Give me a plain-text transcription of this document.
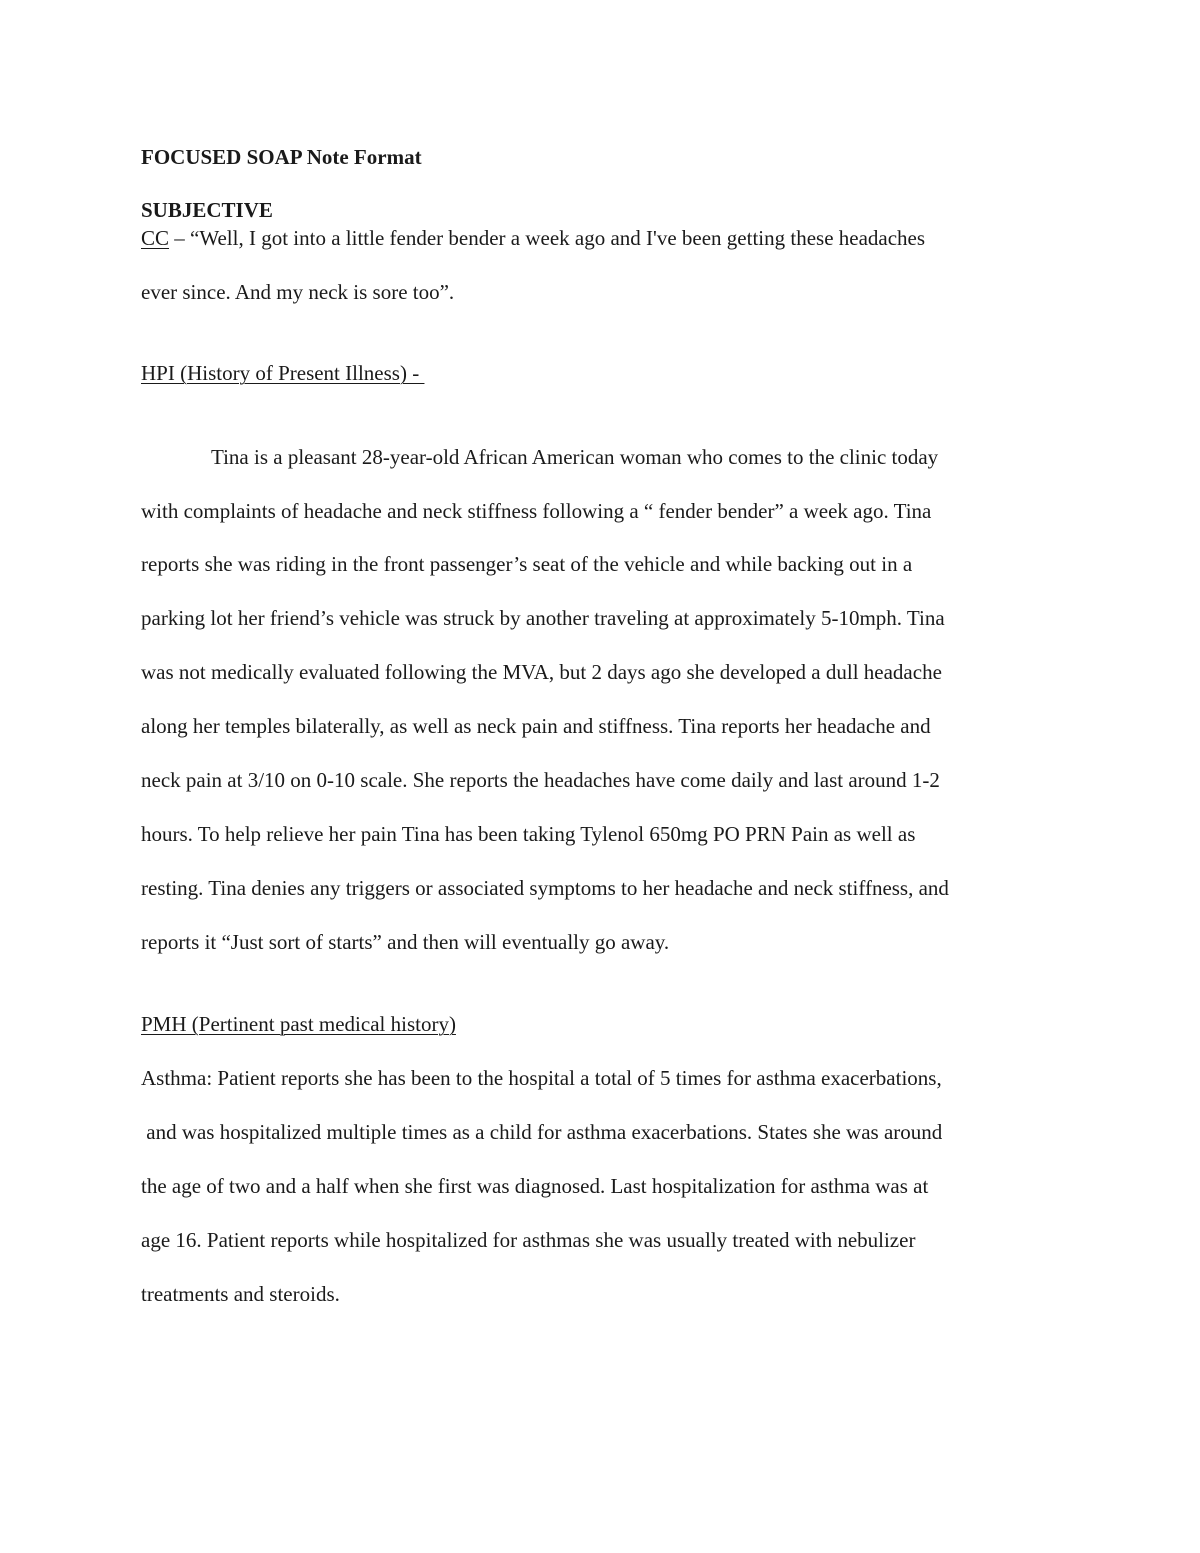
FOCUSED SOAP Note Format
SUBJECTIVE
CC – “Well, I got into a little fender bender a week ago and I've been getting these headaches
ever since. And my neck is sore too”.
HPI (History of Present Illness) -
Tina is a pleasant 28-year-old African American woman who comes to the clinic today
with complaints of headache and neck stiffness following a “ fender bender” a week ago. Tina
reports she was riding in the front passenger’s seat of the vehicle and while backing out in a
parking lot her friend’s vehicle was struck by another traveling at approximately 5-10mph. Tina
was not medically evaluated following the MVA, but 2 days ago she developed a dull headache
along her temples bilaterally, as well as neck pain and stiffness. Tina reports her headache and
neck pain at 3/10 on 0-10 scale. She reports the headaches have come daily and last around 1-2
hours. To help relieve her pain Tina has been taking Tylenol 650mg PO PRN Pain as well as
resting. Tina denies any triggers or associated symptoms to her headache and neck stiffness, and
reports it “Just sort of starts” and then will eventually go away.
PMH (Pertinent past medical history)
Asthma: Patient reports she has been to the hospital a total of 5 times for asthma exacerbations,
and was hospitalized multiple times as a child for asthma exacerbations. States she was around
the age of two and a half when she first was diagnosed. Last hospitalization for asthma was at
age 16. Patient reports while hospitalized for asthmas she was usually treated with nebulizer
treatments and steroids.
